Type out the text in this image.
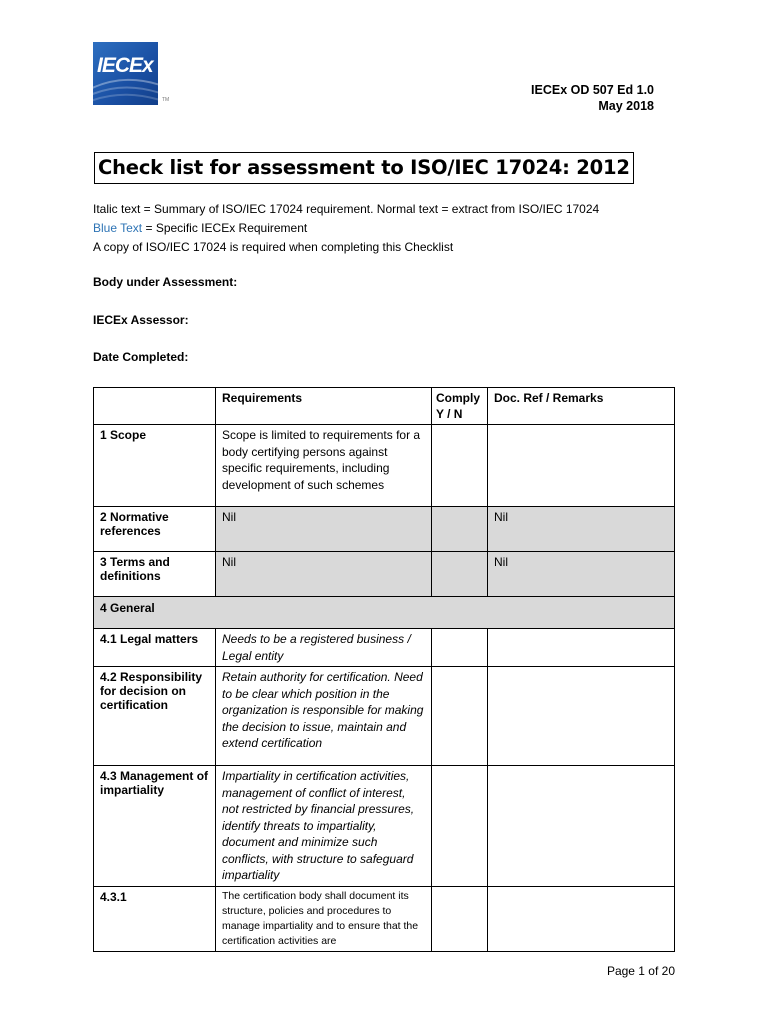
IECEx
TM
IECEx OD 507 Ed 1.0
May 2018
Check list for assessment to ISO/IEC 17024: 2012
Italic text = Summary of ISO/IEC 17024 requirement. Normal text = extract from ISO/IEC 17024
Blue Text = Specific IECEx Requirement
A copy of ISO/IEC 17024 is required when completing this Checklist
Body under Assessment:
IECEx Assessor:
Date Completed:
	Requirements	Comply Y / N	Doc. Ref / Remarks
1 Scope	Scope is limited to requirements for a body certifying persons against specific requirements, including development of such schemes		
2 Normative references	Nil		Nil
3 Terms and definitions	Nil		Nil
4 General			
4.1 Legal matters	Needs to be a registered business / Legal entity		
4.2 Responsibility for decision on certification	Retain authority for certification. Need to be clear which position in the organization is responsible for making the decision to issue, maintain and extend certification		
4.3 Management of impartiality	Impartiality in certification activities, management of conflict of interest, not restricted by financial pressures, identify threats to impartiality, document and minimize such conflicts, with structure to safeguard impartiality		
4.3.1	The certification body shall document its structure, policies and procedures to manage impartiality and to ensure that the certification activities are		
Page 1 of 20
